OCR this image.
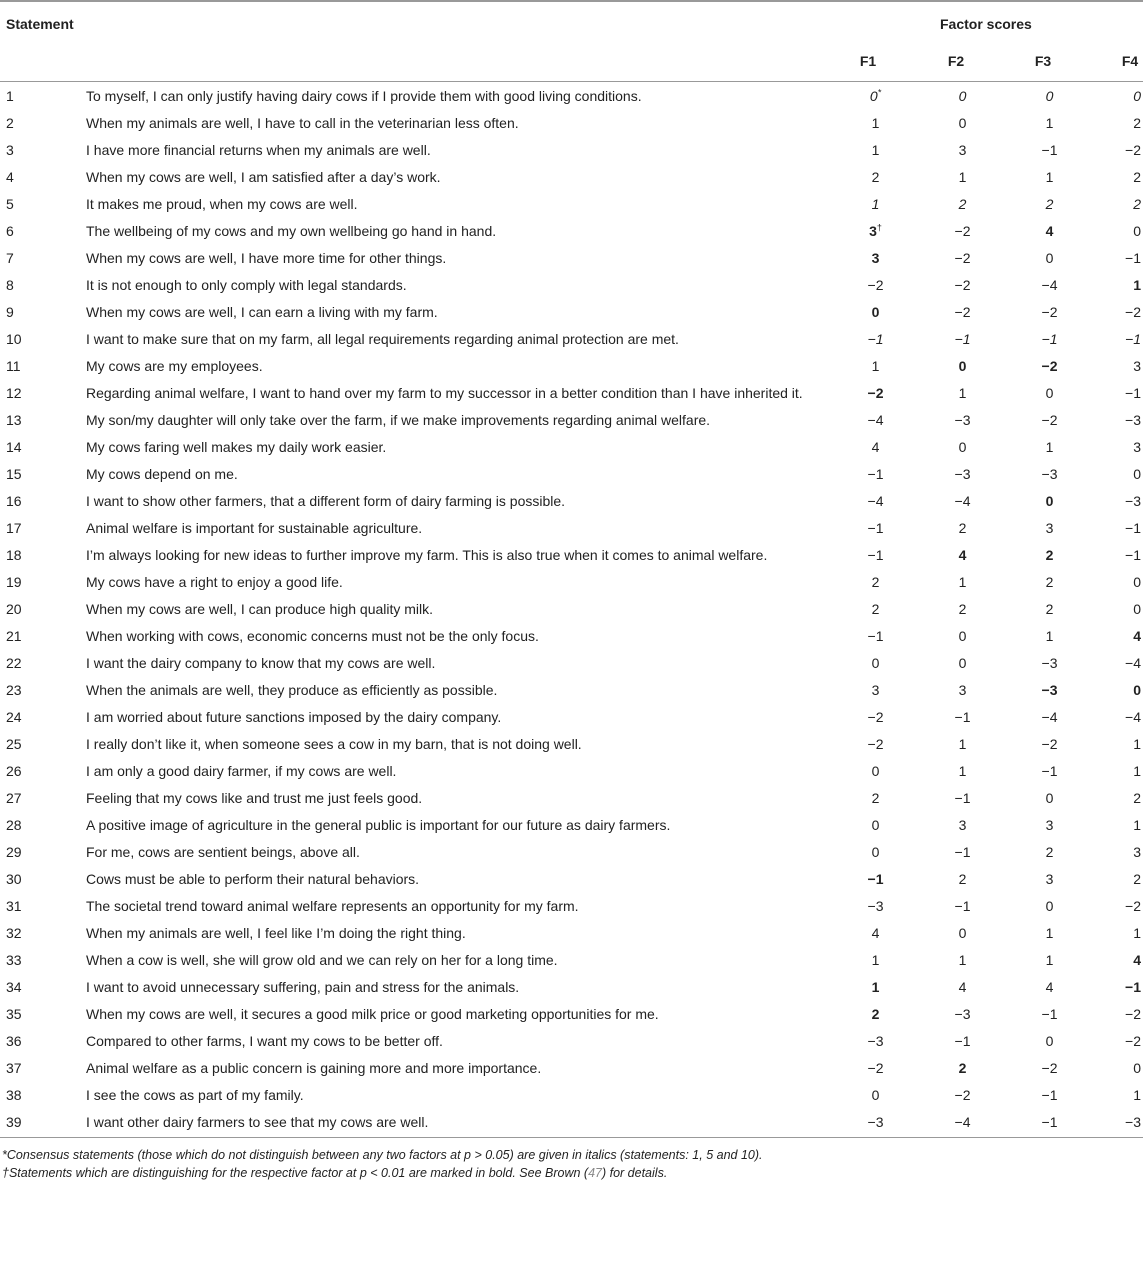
Statement	Factor scores
F1	F2	F3	F4
1	To myself, I can only justify having dairy cows if I provide them with good living conditions.	0*	0	0	0
2	When my animals are well, I have to call in the veterinarian less often.	1	0	1	2
3	I have more financial returns when my animals are well.	1	3	−1	−2
4	When my cows are well, I am satisfied after a day’s work.	2	1	1	2
5	It makes me proud, when my cows are well.	1	2	2	2
6	The wellbeing of my cows and my own wellbeing go hand in hand.	3†	−2	4	0
7	When my cows are well, I have more time for other things.	3	−2	0	−1
8	It is not enough to only comply with legal standards.	−2	−2	−4	1
9	When my cows are well, I can earn a living with my farm.	0	−2	−2	−2
10	I want to make sure that on my farm, all legal requirements regarding animal protection are met.	−1	−1	−1	−1
11	My cows are my employees.	1	0	−2	3
12	Regarding animal welfare, I want to hand over my farm to my successor in a better condition than I have inherited it.	−2	1	0	−1
13	My son/my daughter will only take over the farm, if we make improvements regarding animal welfare.	−4	−3	−2	−3
14	My cows faring well makes my daily work easier.	4	0	1	3
15	My cows depend on me.	−1	−3	−3	0
16	I want to show other farmers, that a different form of dairy farming is possible.	−4	−4	0	−3
17	Animal welfare is important for sustainable agriculture.	−1	2	3	−1
18	I’m always looking for new ideas to further improve my farm. This is also true when it comes to animal welfare.	−1	4	2	−1
19	My cows have a right to enjoy a good life.	2	1	2	0
20	When my cows are well, I can produce high quality milk.	2	2	2	0
21	When working with cows, economic concerns must not be the only focus.	−1	0	1	4
22	I want the dairy company to know that my cows are well.	0	0	−3	−4
23	When the animals are well, they produce as efficiently as possible.	3	3	−3	0
24	I am worried about future sanctions imposed by the dairy company.	−2	−1	−4	−4
25	I really don’t like it, when someone sees a cow in my barn, that is not doing well.	−2	1	−2	1
26	I am only a good dairy farmer, if my cows are well.	0	1	−1	1
27	Feeling that my cows like and trust me just feels good.	2	−1	0	2
28	A positive image of agriculture in the general public is important for our future as dairy farmers.	0	3	3	1
29	For me, cows are sentient beings, above all.	0	−1	2	3
30	Cows must be able to perform their natural behaviors.	−1	2	3	2
31	The societal trend toward animal welfare represents an opportunity for my farm.	−3	−1	0	−2
32	When my animals are well, I feel like I’m doing the right thing.	4	0	1	1
33	When a cow is well, she will grow old and we can rely on her for a long time.	1	1	1	4
34	I want to avoid unnecessary suffering, pain and stress for the animals.	1	4	4	−1
35	When my cows are well, it secures a good milk price or good marketing opportunities for me.	2	−3	−1	−2
36	Compared to other farms, I want my cows to be better off.	−3	−1	0	−2
37	Animal welfare as a public concern is gaining more and more importance.	−2	2	−2	0
38	I see the cows as part of my family.	0	−2	−1	1
39	I want other dairy farmers to see that my cows are well.	−3	−4	−1	−3
*Consensus statements (those which do not distinguish between any two factors at p > 0.05) are given in italics (statements: 1, 5 and 10).
†Statements which are distinguishing for the respective factor at p < 0.01 are marked in bold. See Brown (47) for details.
